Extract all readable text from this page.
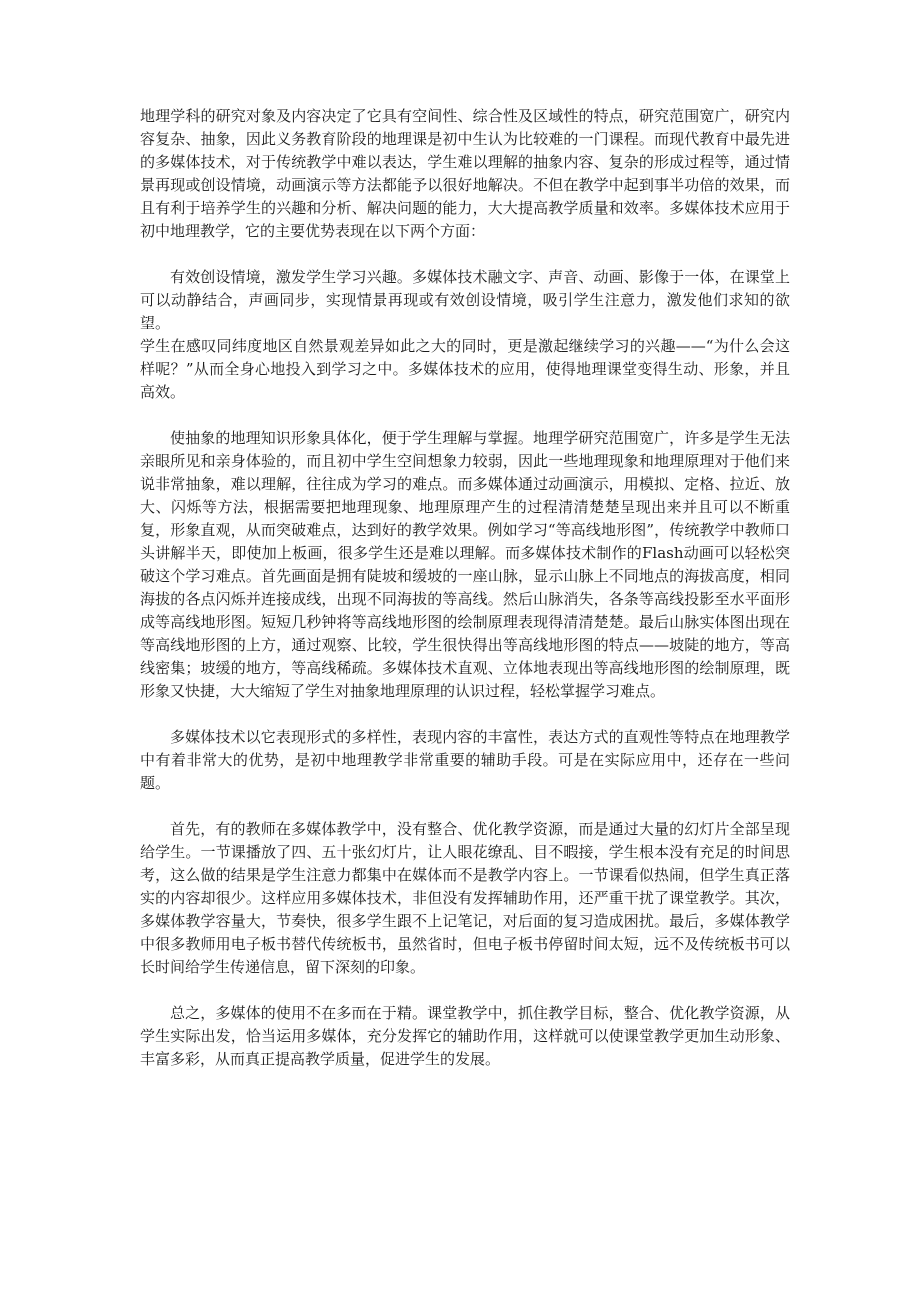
地理学科的研究对象及内容决定了它具有空间性、综合性及区域性的特点，研究范围宽广，研究内容复杂、抽象，因此义务教育阶段的地理课是初中生认为比较难的一门课程。而现代教育中最先进的多媒体技术，对于传统教学中难以表达，学生难以理解的抽象内容、复杂的形成过程等，通过情景再现或创设情境，动画演示等方法都能予以很好地解决。不但在教学中起到事半功倍的效果，而且有利于培养学生的兴趣和分析、解决问题的能力，大大提高教学质量和效率。多媒体技术应用于初中地理教学，它的主要优势表现在以下两个方面：

有效创设情境，激发学生学习兴趣。多媒体技术融文字、声音、动画、影像于一体，在课堂上可以动静结合，声画同步，实现情景再现或有效创设情境，吸引学生注意力，激发他们求知的欲望。

学生在感叹同纬度地区自然景观差异如此之大的同时，更是激起继续学习的兴趣——“为什么会这样呢？”从而全身心地投入到学习之中。多媒体技术的应用，使得地理课堂变得生动、形象，并且高效。

使抽象的地理知识形象具体化，便于学生理解与掌握。地理学研究范围宽广，许多是学生无法亲眼所见和亲身体验的，而且初中学生空间想象力较弱，因此一些地理现象和地理原理对于他们来说非常抽象，难以理解，往往成为学习的难点。而多媒体通过动画演示，用模拟、定格、拉近、放大、闪烁等方法，根据需要把地理现象、地理原理产生的过程清清楚楚呈现出来并且可以不断重复，形象直观，从而突破难点，达到好的教学效果。例如学习“等高线地形图”，传统教学中教师口头讲解半天，即使加上板画，很多学生还是难以理解。而多媒体技术制作的Flash动画可以轻松突破这个学习难点。首先画面是拥有陡坡和缓坡的一座山脉，显示山脉上不同地点的海拔高度，相同海拔的各点闪烁并连接成线，出现不同海拔的等高线。然后山脉消失，各条等高线投影至水平面形成等高线地形图。短短几秒钟将等高线地形图的绘制原理表现得清清楚楚。最后山脉实体图出现在等高线地形图的上方，通过观察、比较，学生很快得出等高线地形图的特点——坡陡的地方，等高线密集；坡缓的地方，等高线稀疏。多媒体技术直观、立体地表现出等高线地形图的绘制原理，既形象又快捷，大大缩短了学生对抽象地理原理的认识过程，轻松掌握学习难点。

多媒体技术以它表现形式的多样性，表现内容的丰富性，表达方式的直观性等特点在地理教学中有着非常大的优势，是初中地理教学非常重要的辅助手段。可是在实际应用中，还存在一些问题。

首先，有的教师在多媒体教学中，没有整合、优化教学资源，而是通过大量的幻灯片全部呈现给学生。一节课播放了四、五十张幻灯片，让人眼花缭乱、目不暇接，学生根本没有充足的时间思考，这么做的结果是学生注意力都集中在媒体而不是教学内容上。一节课看似热闹，但学生真正落实的内容却很少。这样应用多媒体技术，非但没有发挥辅助作用，还严重干扰了课堂教学。其次，多媒体教学容量大，节奏快，很多学生跟不上记笔记，对后面的复习造成困扰。最后，多媒体教学中很多教师用电子板书替代传统板书，虽然省时，但电子板书停留时间太短，远不及传统板书可以长时间给学生传递信息，留下深刻的印象。

总之，多媒体的使用不在多而在于精。课堂教学中，抓住教学目标，整合、优化教学资源，从学生实际出发，恰当运用多媒体，充分发挥它的辅助作用，这样就可以使课堂教学更加生动形象、丰富多彩，从而真正提高教学质量，促进学生的发展。
